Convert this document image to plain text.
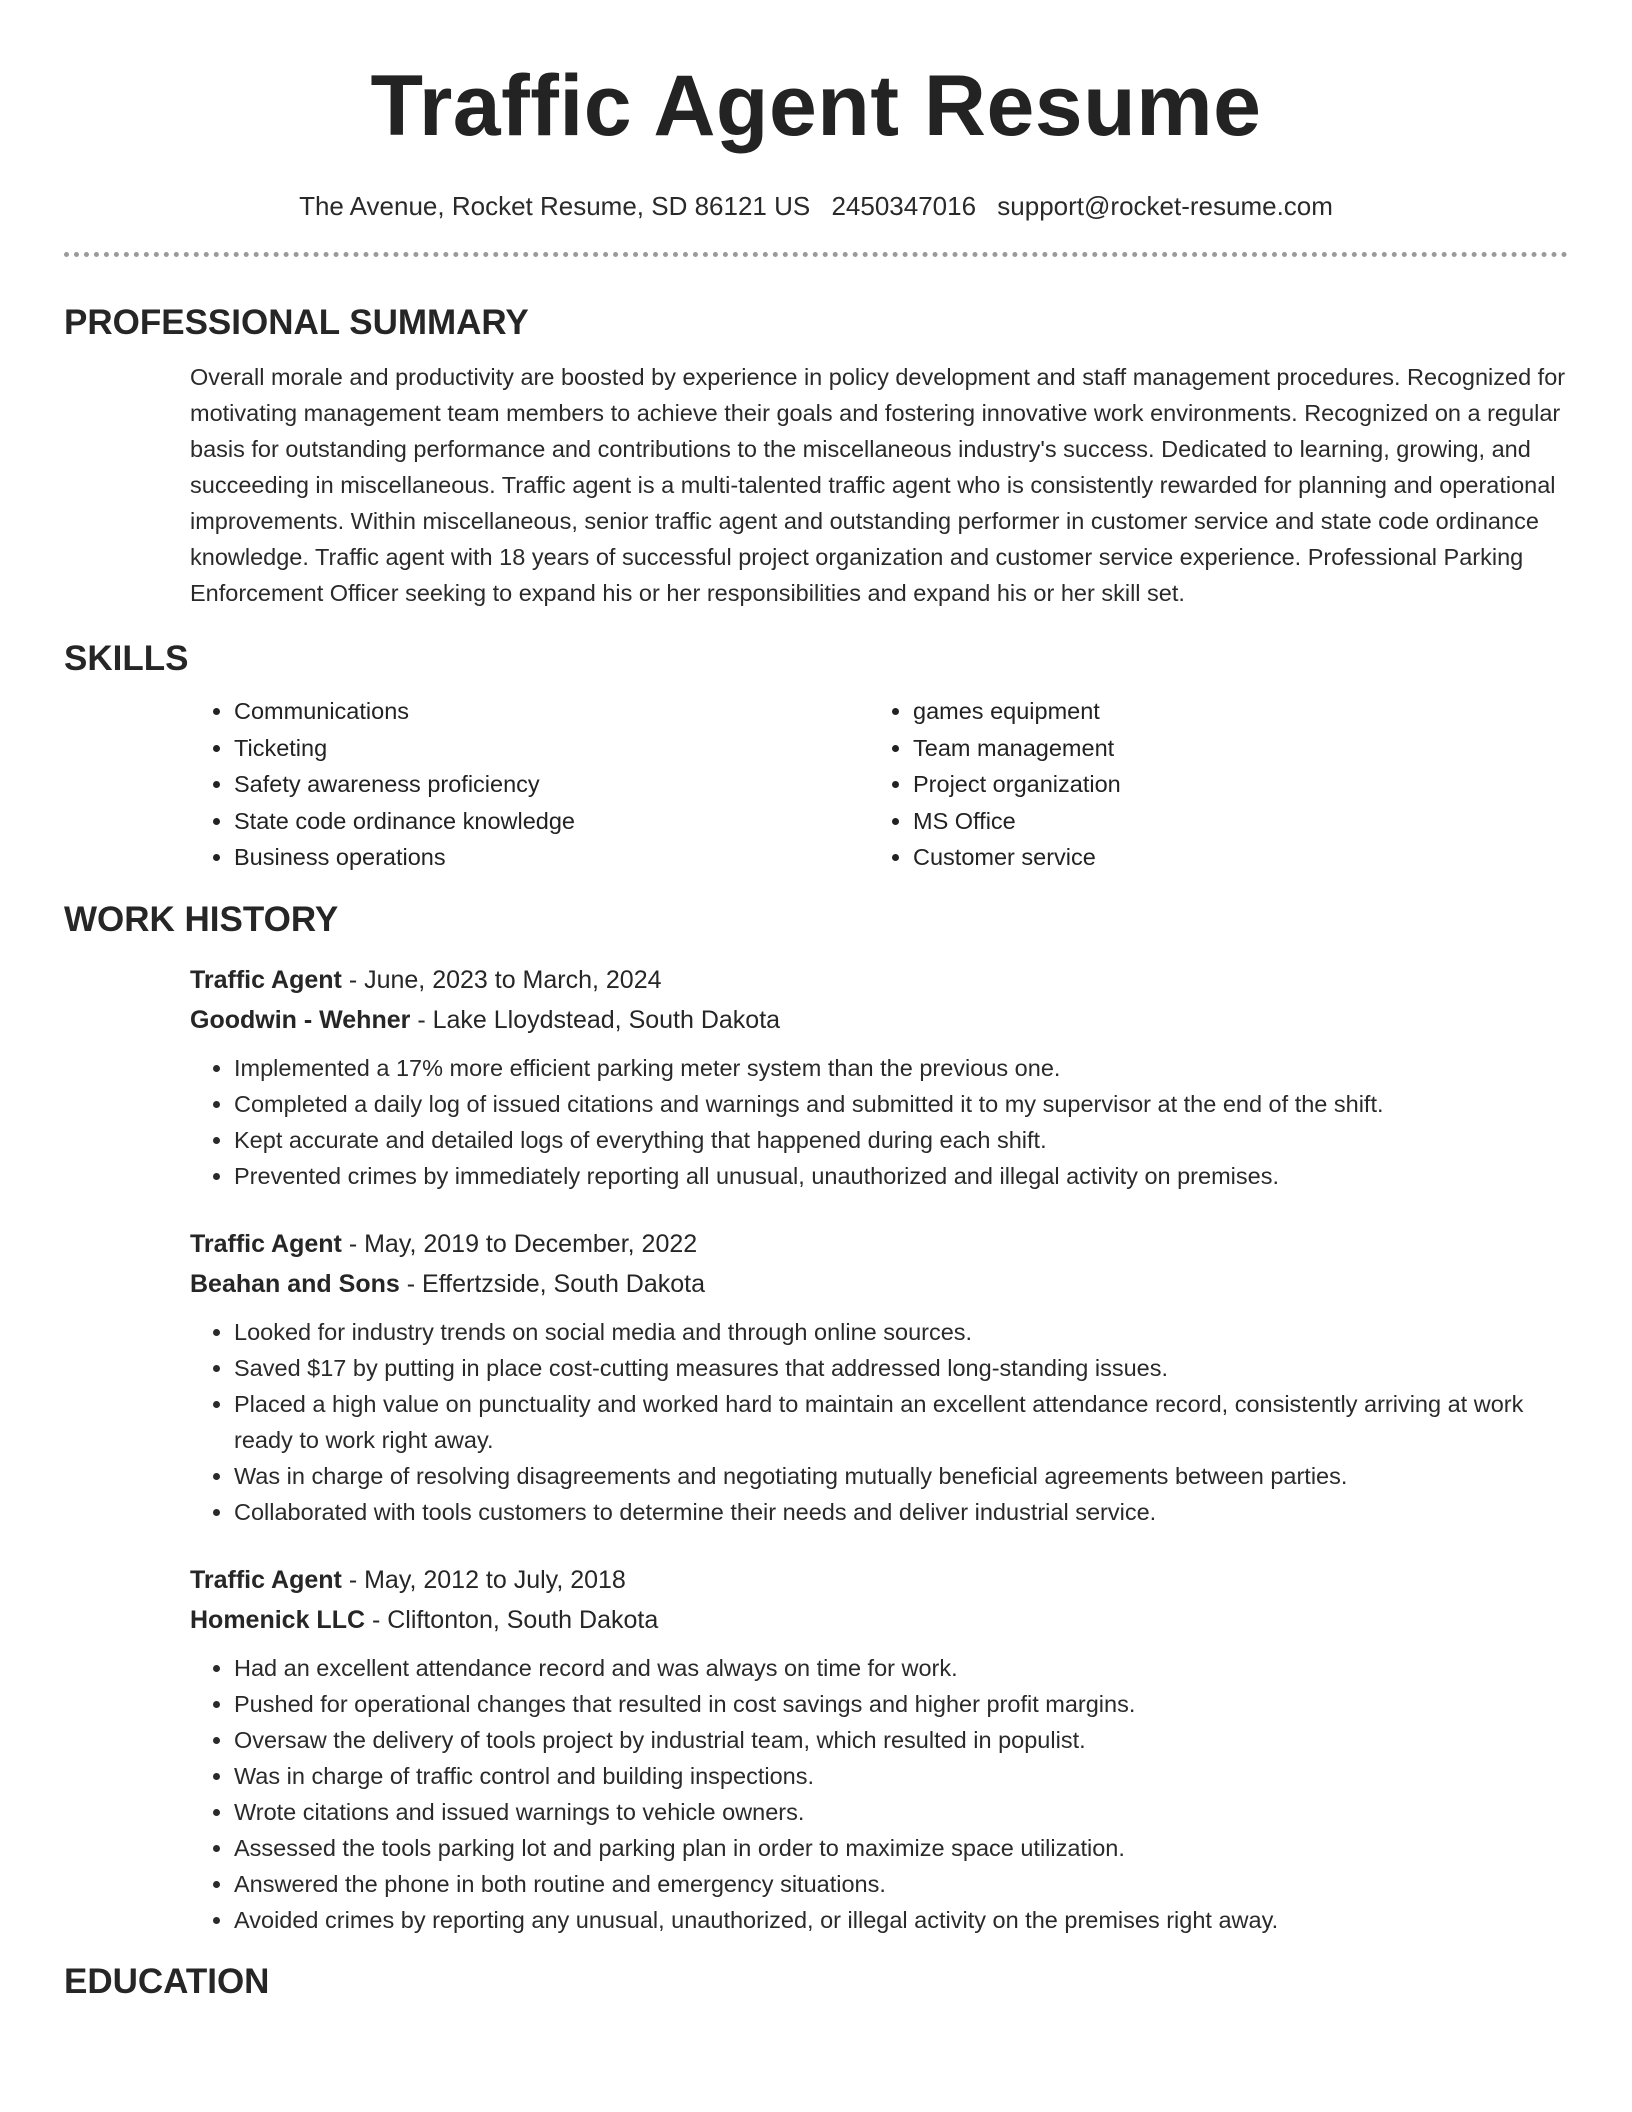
Traffic Agent Resume
The Avenue, Rocket Resume, SD 86121 US 2450347016 support@rocket-resume.com
PROFESSIONAL SUMMARY

Overall morale and productivity are boosted by experience in policy development and staff management procedures. Recognized for motivating management team members to achieve their goals and fostering innovative work environments. Recognized on a regular basis for outstanding performance and contributions to the miscellaneous industry's success. Dedicated to learning, growing, and succeeding in miscellaneous. Traffic agent is a multi-talented traffic agent who is consistently rewarded for planning and operational improvements. Within miscellaneous, senior traffic agent and outstanding performer in customer service and state code ordinance knowledge. Traffic agent with 18 years of successful project organization and customer service experience. Professional Parking Enforcement Officer seeking to expand his or her responsibilities and expand his or her skill set.

SKILLS
• Communications
• Ticketing
• Safety awareness proficiency
• State code ordinance knowledge
• Business operations
• games equipment
• Team management
• Project organization
• MS Office
• Customer service
WORK HISTORY
Traffic Agent - June, 2023 to March, 2024
Goodwin - Wehner - Lake Lloydstead, South Dakota
• Implemented a 17% more efficient parking meter system than the previous one.
• Completed a daily log of issued citations and warnings and submitted it to my supervisor at the end of the shift.
• Kept accurate and detailed logs of everything that happened during each shift.
• Prevented crimes by immediately reporting all unusual, unauthorized and illegal activity on premises.
Traffic Agent - May, 2019 to December, 2022
Beahan and Sons - Effertzside, South Dakota
• Looked for industry trends on social media and through online sources.
• Saved $17 by putting in place cost-cutting measures that addressed long-standing issues.
• Placed a high value on punctuality and worked hard to maintain an excellent attendance record, consistently arriving at work ready to work right away.
• Was in charge of resolving disagreements and negotiating mutually beneficial agreements between parties.
• Collaborated with tools customers to determine their needs and deliver industrial service.
Traffic Agent - May, 2012 to July, 2018
Homenick LLC - Cliftonton, South Dakota
• Had an excellent attendance record and was always on time for work.
• Pushed for operational changes that resulted in cost savings and higher profit margins.
• Oversaw the delivery of tools project by industrial team, which resulted in populist.
• Was in charge of traffic control and building inspections.
• Wrote citations and issued warnings to vehicle owners.
• Assessed the tools parking lot and parking plan in order to maximize space utilization.
• Answered the phone in both routine and emergency situations.
• Avoided crimes by reporting any unusual, unauthorized, or illegal activity on the premises right away.
EDUCATION
